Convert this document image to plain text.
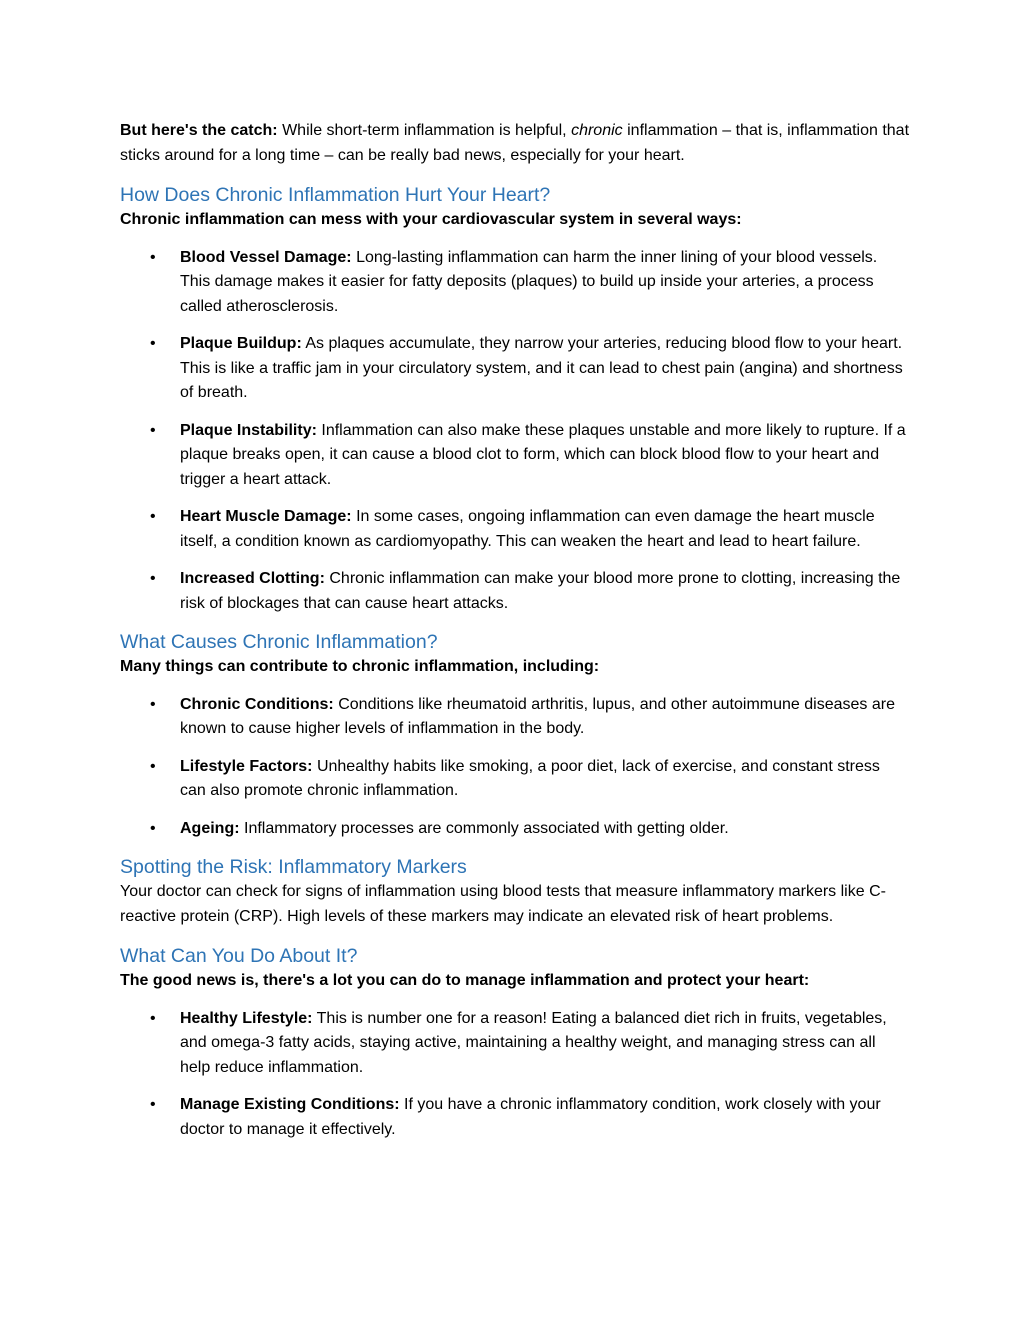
But here's the catch: While short-term inflammation is helpful, chronic inflammation – that is, inflammation that sticks around for a long time – can be really bad news, especially for your heart.

How Does Chronic Inflammation Hurt Your Heart?

Chronic inflammation can mess with your cardiovascular system in several ways:

• Blood Vessel Damage: Long-lasting inflammation can harm the inner lining of your blood vessels. This damage makes it easier for fatty deposits (plaques) to build up inside your arteries, a process called atherosclerosis.
• Plaque Buildup: As plaques accumulate, they narrow your arteries, reducing blood flow to your heart. This is like a traffic jam in your circulatory system, and it can lead to chest pain (angina) and shortness of breath.
• Plaque Instability: Inflammation can also make these plaques unstable and more likely to rupture. If a plaque breaks open, it can cause a blood clot to form, which can block blood flow to your heart and trigger a heart attack.
• Heart Muscle Damage: In some cases, ongoing inflammation can even damage the heart muscle itself, a condition known as cardiomyopathy. This can weaken the heart and lead to heart failure.
• Increased Clotting: Chronic inflammation can make your blood more prone to clotting, increasing the risk of blockages that can cause heart attacks.
What Causes Chronic Inflammation?

Many things can contribute to chronic inflammation, including:

• Chronic Conditions: Conditions like rheumatoid arthritis, lupus, and other autoimmune diseases are known to cause higher levels of inflammation in the body.
• Lifestyle Factors: Unhealthy habits like smoking, a poor diet, lack of exercise, and constant stress can also promote chronic inflammation.
• Ageing: Inflammatory processes are commonly associated with getting older.
Spotting the Risk: Inflammatory Markers

Your doctor can check for signs of inflammation using blood tests that measure inflammatory markers like C-reactive protein (CRP). High levels of these markers may indicate an elevated risk of heart problems.

What Can You Do About It?

The good news is, there's a lot you can do to manage inflammation and protect your heart:

• Healthy Lifestyle: This is number one for a reason! Eating a balanced diet rich in fruits, vegetables, and omega-3 fatty acids, staying active, maintaining a healthy weight, and managing stress can all help reduce inflammation.
• Manage Existing Conditions: If you have a chronic inflammatory condition, work closely with your doctor to manage it effectively.
